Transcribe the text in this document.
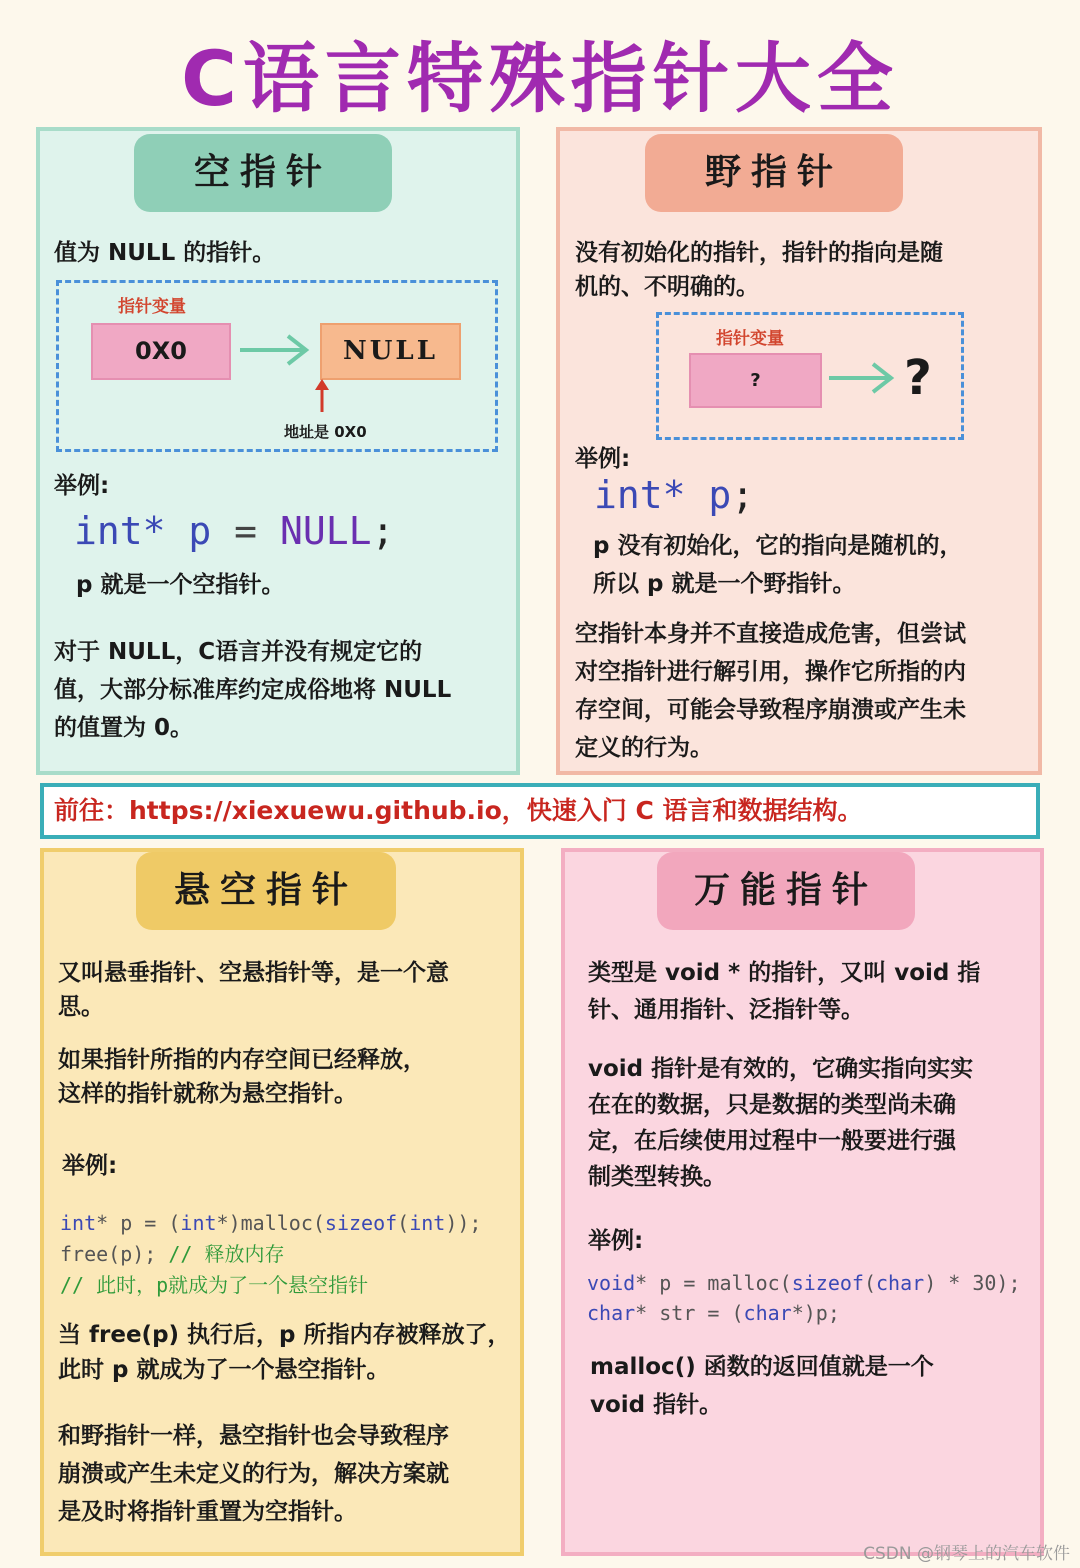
C语言特殊指针大全
空指针
值为 NULL 的指针。
指针变量
0X0	NULL
地址是 0X0
举例:
int* p = NULL;
p 就是一个空指针。
对于 NULL，C语言并没有规定它的
值，大部分标准库约定成俗地将 NULL
的值置为 0。
野指针
没有初始化的指针，指针的指向是随
机的、不明确的。
指针变量
?	?
举例:
int* p;
p 没有初始化，它的指向是随机的，
所以 p 就是一个野指针。
空指针本身并不直接造成危害，但尝试
对空指针进行解引用，操作它所指的内
存空间，可能会导致程序崩溃或产生未
定义的行为。
前往：https://xiexuewu.github.io，快速入门 C 语言和数据结构。
悬空指针
又叫悬垂指针、空悬指针等，是一个意
思。
如果指针所指的内存空间已经释放，
这样的指针就称为悬空指针。
举例:
int* p = (int*)malloc(sizeof(int));
free(p); // 释放内存
// 此时，p就成为了一个悬空指针
当 free(p) 执行后，p 所指内存被释放了，
此时 p 就成为了一个悬空指针。
和野指针一样，悬空指针也会导致程序
崩溃或产生未定义的行为，解决方案就
是及时将指针重置为空指针。
万能指针
类型是 void * 的指针，又叫 void 指
针、通用指针、泛指针等。
void 指针是有效的，它确实指向实实
在在的数据，只是数据的类型尚未确
定，在后续使用过程中一般要进行强
制类型转换。
举例:
void* p = malloc(sizeof(char) * 30);
char* str = (char*)p;
malloc() 函数的返回值就是一个
void 指针。
CSDN @钢琴上的汽车软件
